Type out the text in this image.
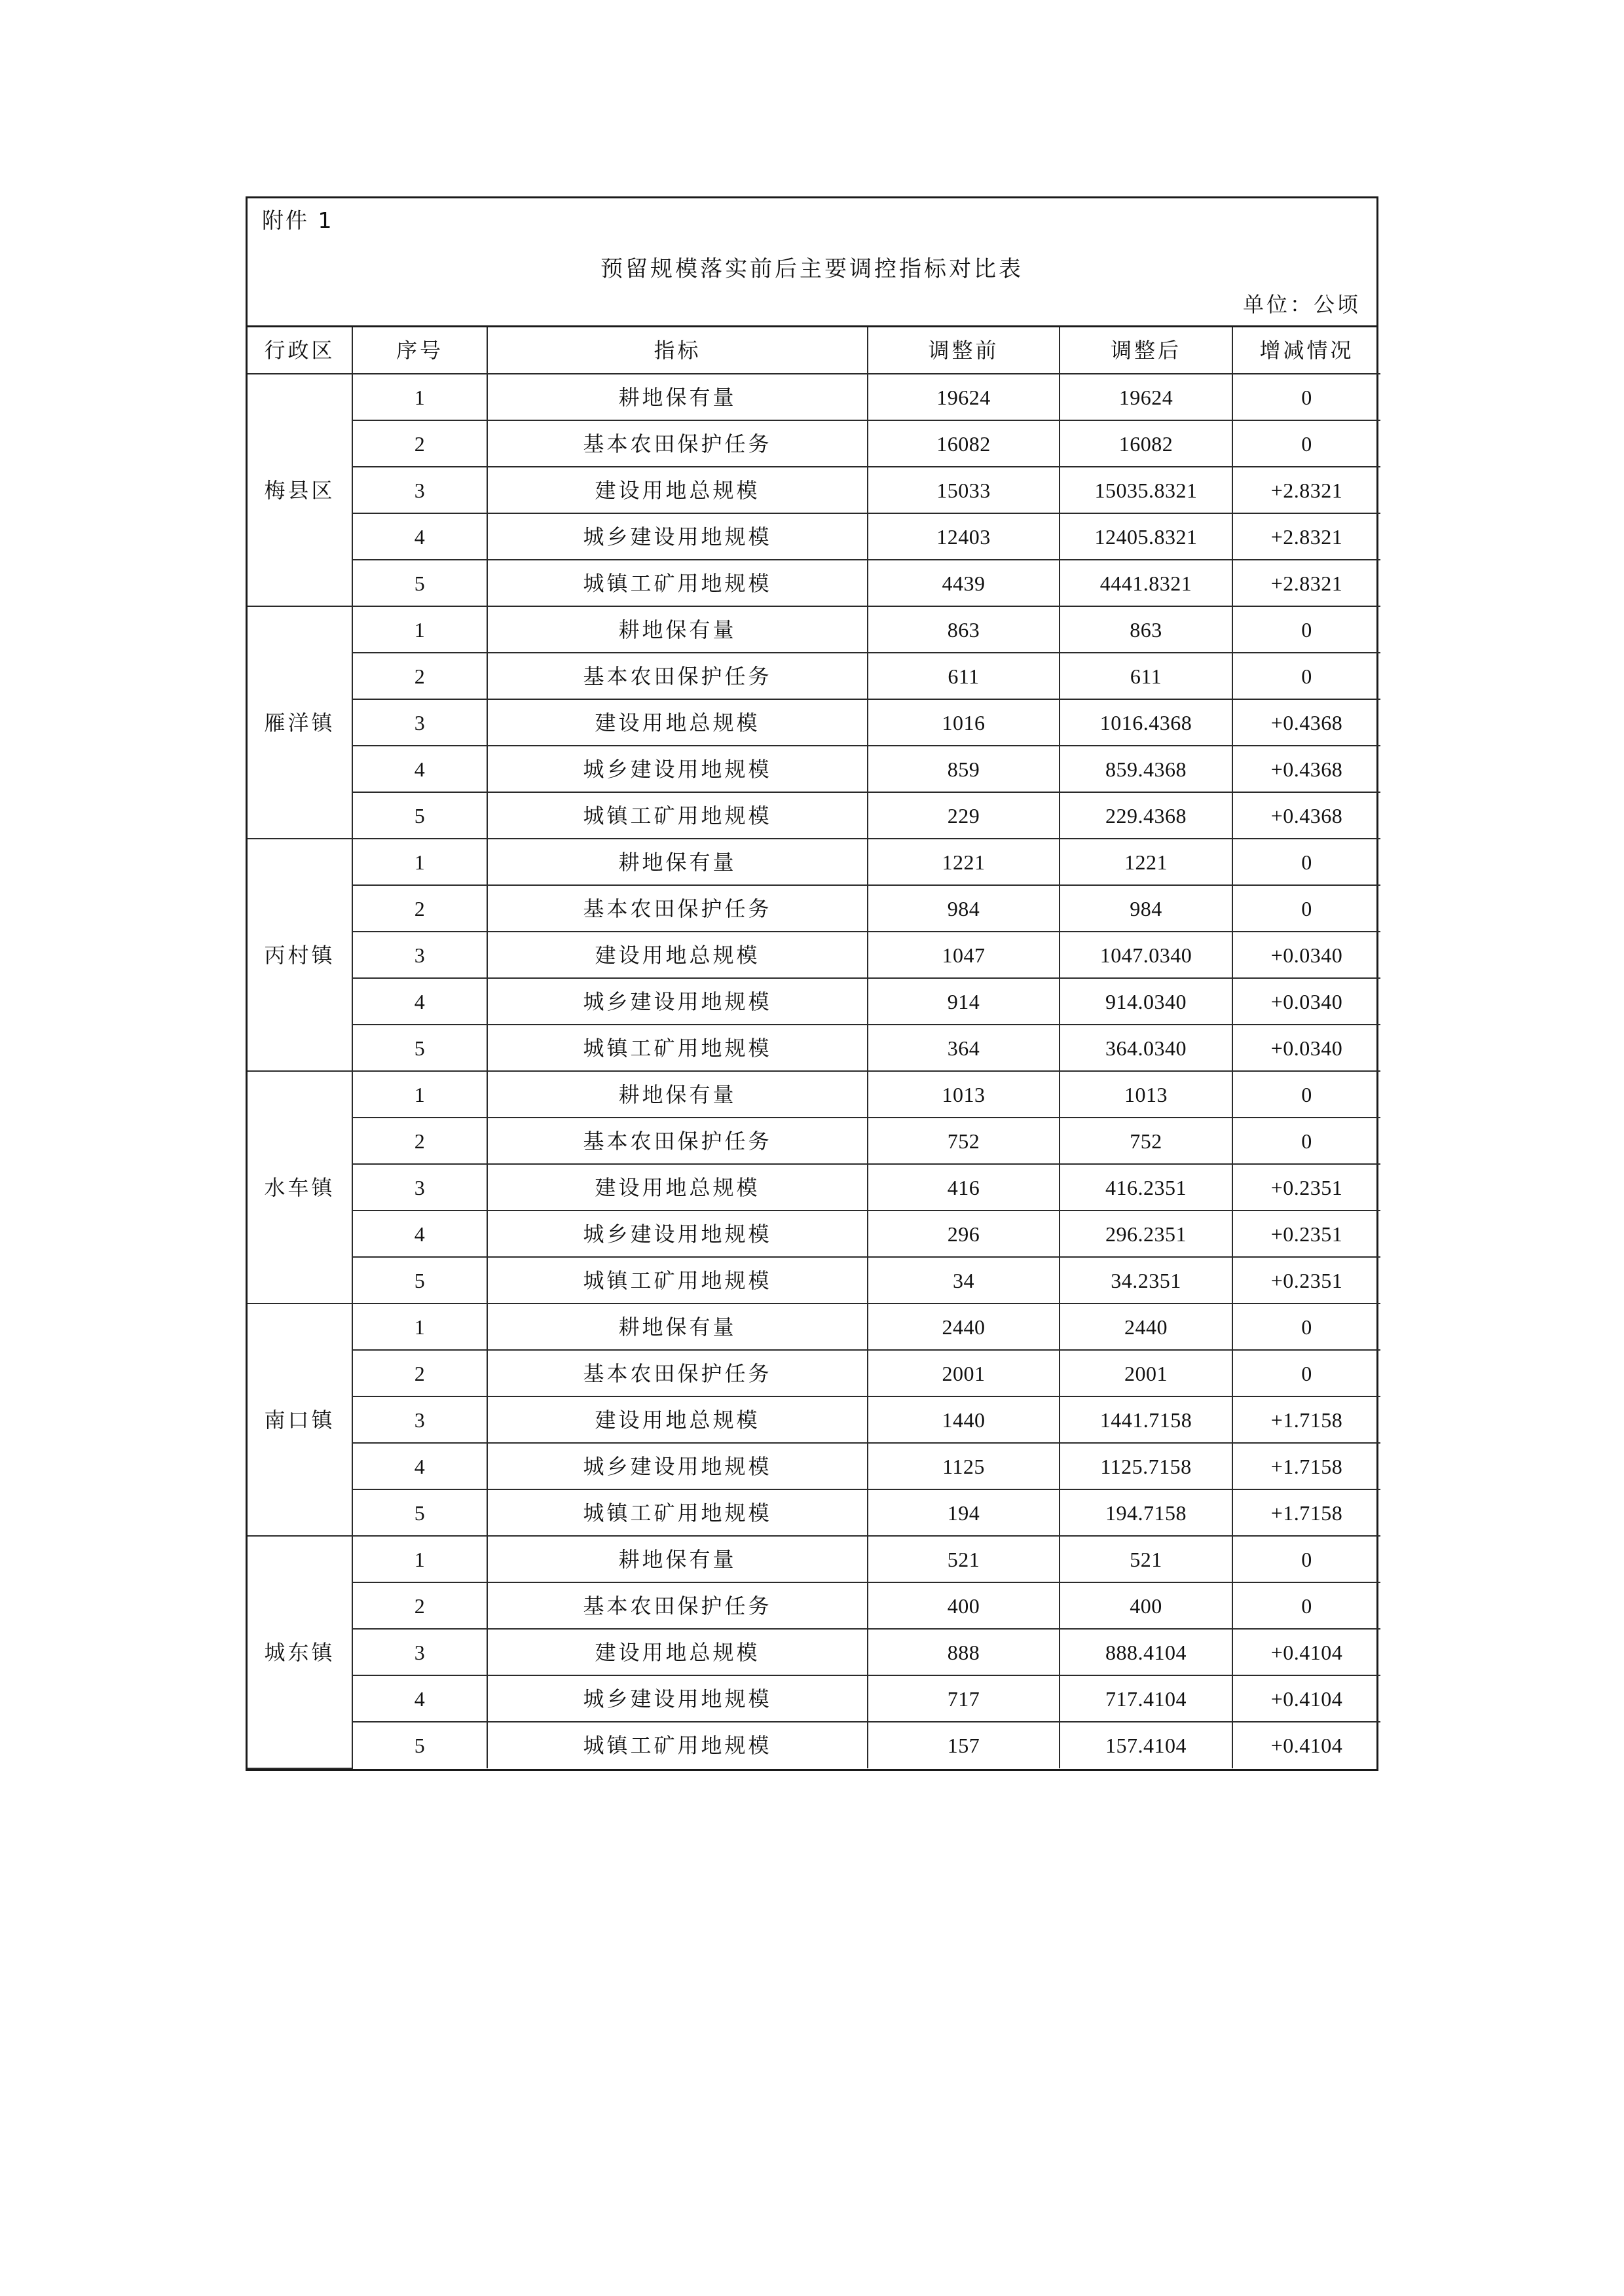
附件 1
预留规模落实前后主要调控指标对比表
单位：公顷
行政区	序号	指标	调整前	调整后	增减情况
梅县区	1	耕地保有量	19624	19624	0
	2	基本农田保护任务	16082	16082	0
	3	建设用地总规模	15033	15035.8321	+2.8321
	4	城乡建设用地规模	12403	12405.8321	+2.8321
	5	城镇工矿用地规模	4439	4441.8321	+2.8321
雁洋镇	1	耕地保有量	863	863	0
	2	基本农田保护任务	611	611	0
	3	建设用地总规模	1016	1016.4368	+0.4368
	4	城乡建设用地规模	859	859.4368	+0.4368
	5	城镇工矿用地规模	229	229.4368	+0.4368
丙村镇	1	耕地保有量	1221	1221	0
	2	基本农田保护任务	984	984	0
	3	建设用地总规模	1047	1047.0340	+0.0340
	4	城乡建设用地规模	914	914.0340	+0.0340
	5	城镇工矿用地规模	364	364.0340	+0.0340
水车镇	1	耕地保有量	1013	1013	0
	2	基本农田保护任务	752	752	0
	3	建设用地总规模	416	416.2351	+0.2351
	4	城乡建设用地规模	296	296.2351	+0.2351
	5	城镇工矿用地规模	34	34.2351	+0.2351
南口镇	1	耕地保有量	2440	2440	0
	2	基本农田保护任务	2001	2001	0
	3	建设用地总规模	1440	1441.7158	+1.7158
	4	城乡建设用地规模	1125	1125.7158	+1.7158
	5	城镇工矿用地规模	194	194.7158	+1.7158
城东镇	1	耕地保有量	521	521	0
	2	基本农田保护任务	400	400	0
	3	建设用地总规模	888	888.4104	+0.4104
	4	城乡建设用地规模	717	717.4104	+0.4104
	5	城镇工矿用地规模	157	157.4104	+0.4104
